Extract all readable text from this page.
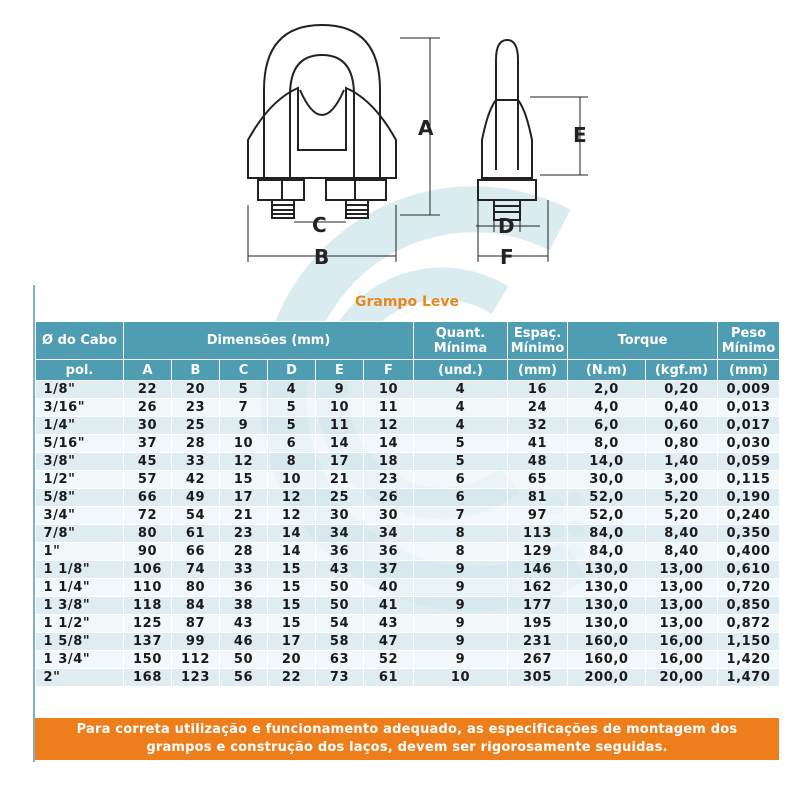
A
B
C	D
E
F
Grampo Leve
Ø do Cabo	Dimensões (mm)						Quant. Mínima	Espaç. Mínimo	Torque		Peso Mínimo
pol.	A	B	C	D	E	F	(und.)	(mm)	(N.m)	(kgf.m)	(mm)
1/8"	22	20	5	4	9	10	4	16	2,0	0,20	0,009
3/16"	26	23	7	5	10	11	4	24	4,0	0,40	0,013
1/4"	30	25	9	5	11	12	4	32	6,0	0,60	0,017
5/16"	37	28	10	6	14	14	5	41	8,0	0,80	0,030
3/8"	45	33	12	8	17	18	5	48	14,0	1,40	0,059
1/2"	57	42	15	10	21	23	6	65	30,0	3,00	0,115
5/8"	66	49	17	12	25	26	6	81	52,0	5,20	0,190
3/4"	72	54	21	12	30	30	7	97	52,0	5,20	0,240
7/8"	80	61	23	14	34	34	8	113	84,0	8,40	0,350
1"	90	66	28	14	36	36	8	129	84,0	8,40	0,400
1 1/8"	106	74	33	15	43	37	9	146	130,0	13,00	0,610
1 1/4"	110	80	36	15	50	40	9	162	130,0	13,00	0,720
1 3/8"	118	84	38	15	50	41	9	177	130,0	13,00	0,850
1 1/2"	125	87	43	15	54	43	9	195	130,0	13,00	0,872
1 5/8"	137	99	46	17	58	47	9	231	160,0	16,00	1,150
1 3/4"	150	112	50	20	63	52	9	267	160,0	16,00	1,420
2"	168	123	56	22	73	61	10	305	200,0	20,00	1,470
Para correta utilização e funcionamento adequado, as especificações de montagem dos
grampos e construção dos laços, devem ser rigorosamente seguidas.
